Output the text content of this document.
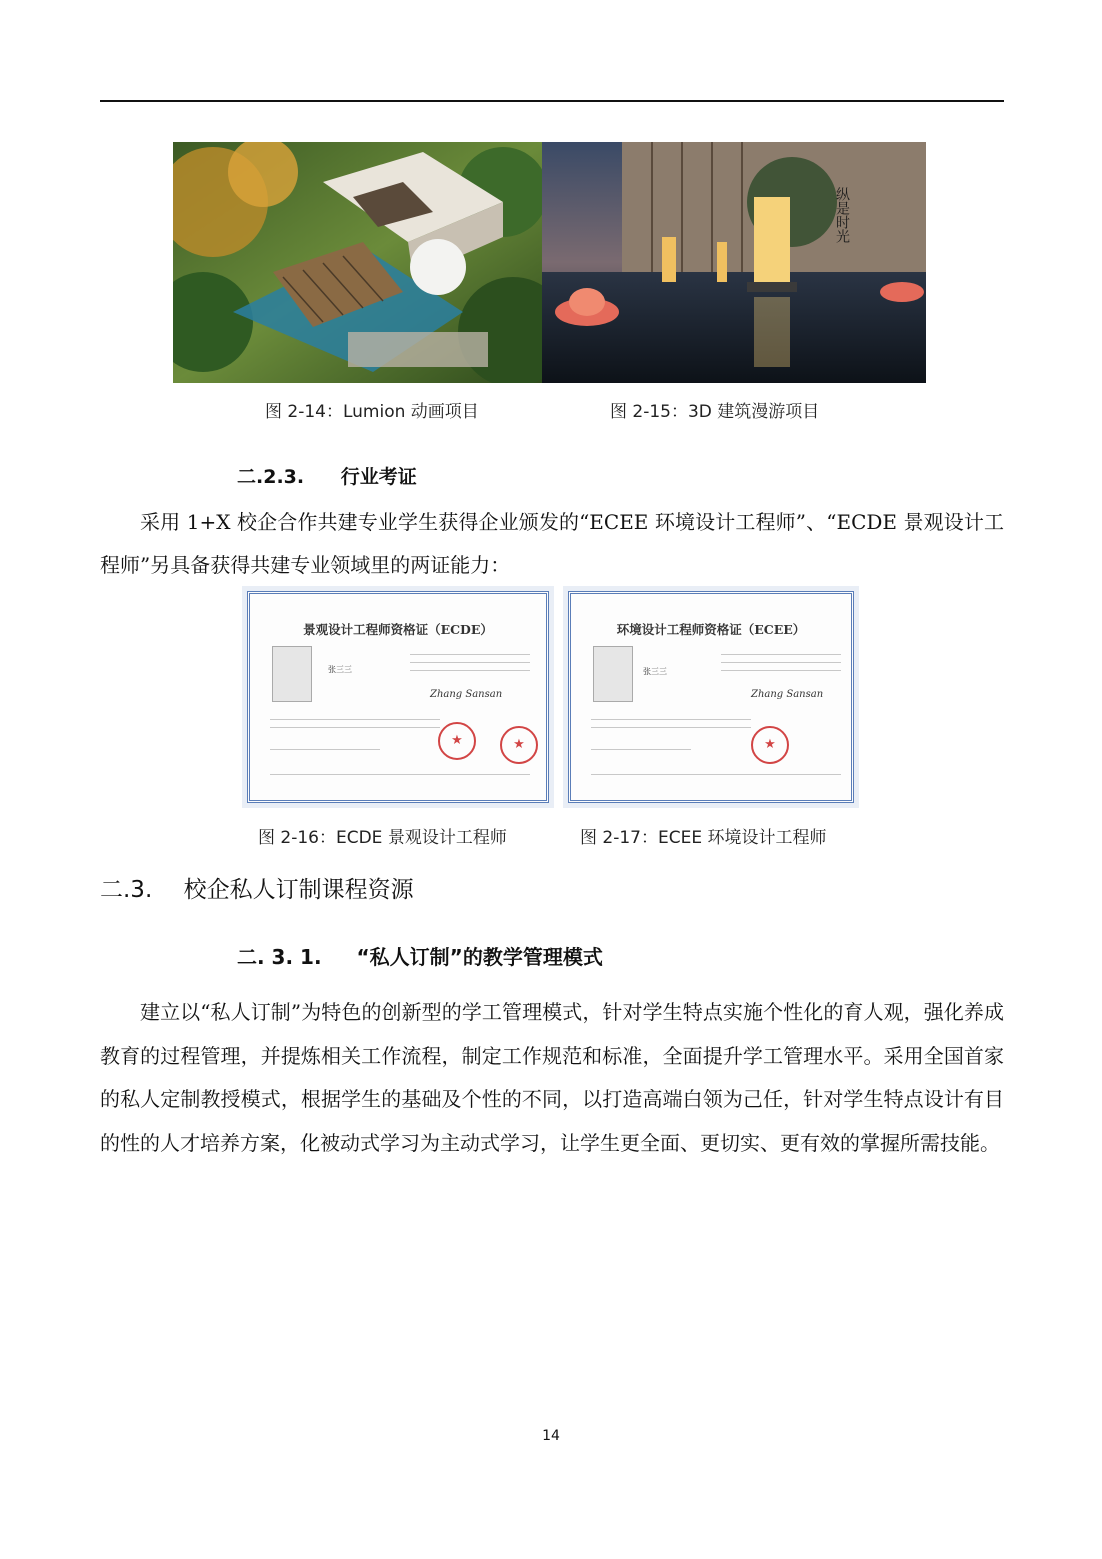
纵是时光
图 2-14：Lumion 动画项目	图 2-15：3D 建筑漫游项目
二.2.3. 行业考证
采用 1+X 校企合作共建专业学生获得企业颁发的“ECEE 环境设计工程师”、“ECDE 景观设计工程师”另具备获得共建专业领域里的两证能力：
景观设计工程师资格证（ECDE）
张三三
Zhang Sansan
★
★
环境设计工程师资格证（ECEE）
张三三
Zhang Sansan
★
图 2-16：ECDE 景观设计工程师	图 2-17：ECEE 环境设计工程师
二.3. 校企私人订制课程资源
二. 3. 1. “私人订制”的教学管理模式
建立以“私人订制”为特色的创新型的学工管理模式，针对学生特点实施个性化的育人观，强化养成教育的过程管理，并提炼相关工作流程，制定工作规范和标准，全面提升学工管理水平。采用全国首家的私人定制教授模式，根据学生的基础及个性的不同，以打造高端白领为己任，针对学生特点设计有目的性的人才培养方案，化被动式学习为主动式学习，让学生更全面、更切实、更有效的掌握所需技能。
14
